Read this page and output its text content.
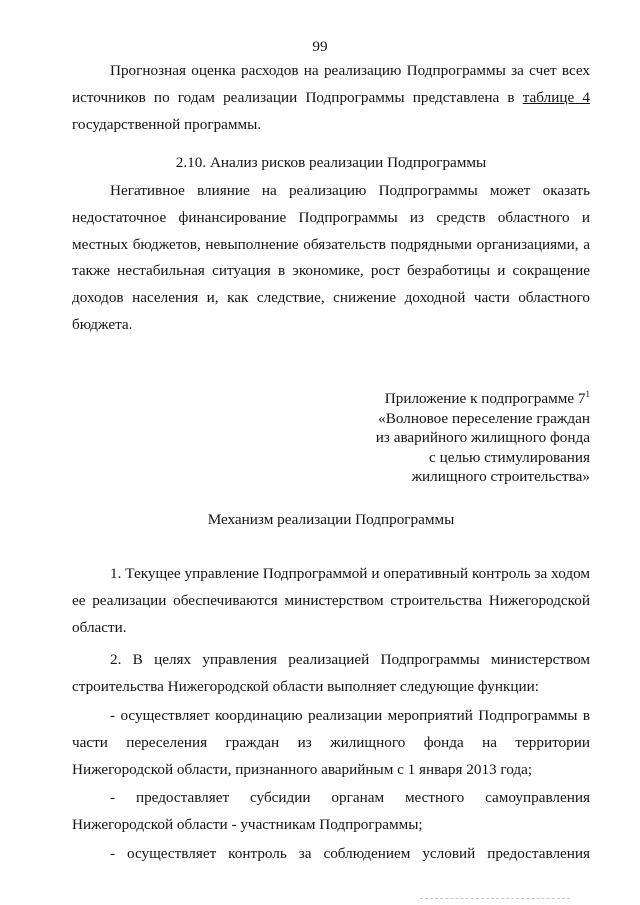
99

Прогнозная оценка расходов на реализацию Подпрограммы за счет всех источников по годам реализации Подпрограммы представлена в таблице 4 государственной программы.

2.10. Анализ рисков реализации Подпрограммы

Негативное влияние на реализацию Подпрограммы может оказать недостаточное финансирование Подпрограммы из средств областного и местных бюджетов, невыполнение обязательств подрядными организациями, а также нестабильная ситуация в экономике, рост безработицы и сокращение доходов населения и, как следствие, снижение доходной части областного бюджета.

Приложение к подпрограмме $7^1$
«Волновое переселение граждан
из аварийного жилищного фонда
с целью стимулирования
жилищного строительства»

Механизм реализации Подпрограммы

1. Текущее управление Подпрограммой и оперативный контроль за ходом ее реализации обеспечиваются министерством строительства Нижегородской области.

2. В целях управления реализацией Подпрограммы министерством строительства Нижегородской области выполняет следующие функции:

- осуществляет координацию реализации мероприятий Подпрограммы в части переселения граждан из жилищного фонда на территории Нижегородской области, признанного аварийным с 1 января 2013 года;

- предоставляет субсидии органам местного самоуправления

Нижегородской области - участникам Подпрограммы;

- осуществляет контроль за соблюдением условий предоставления
